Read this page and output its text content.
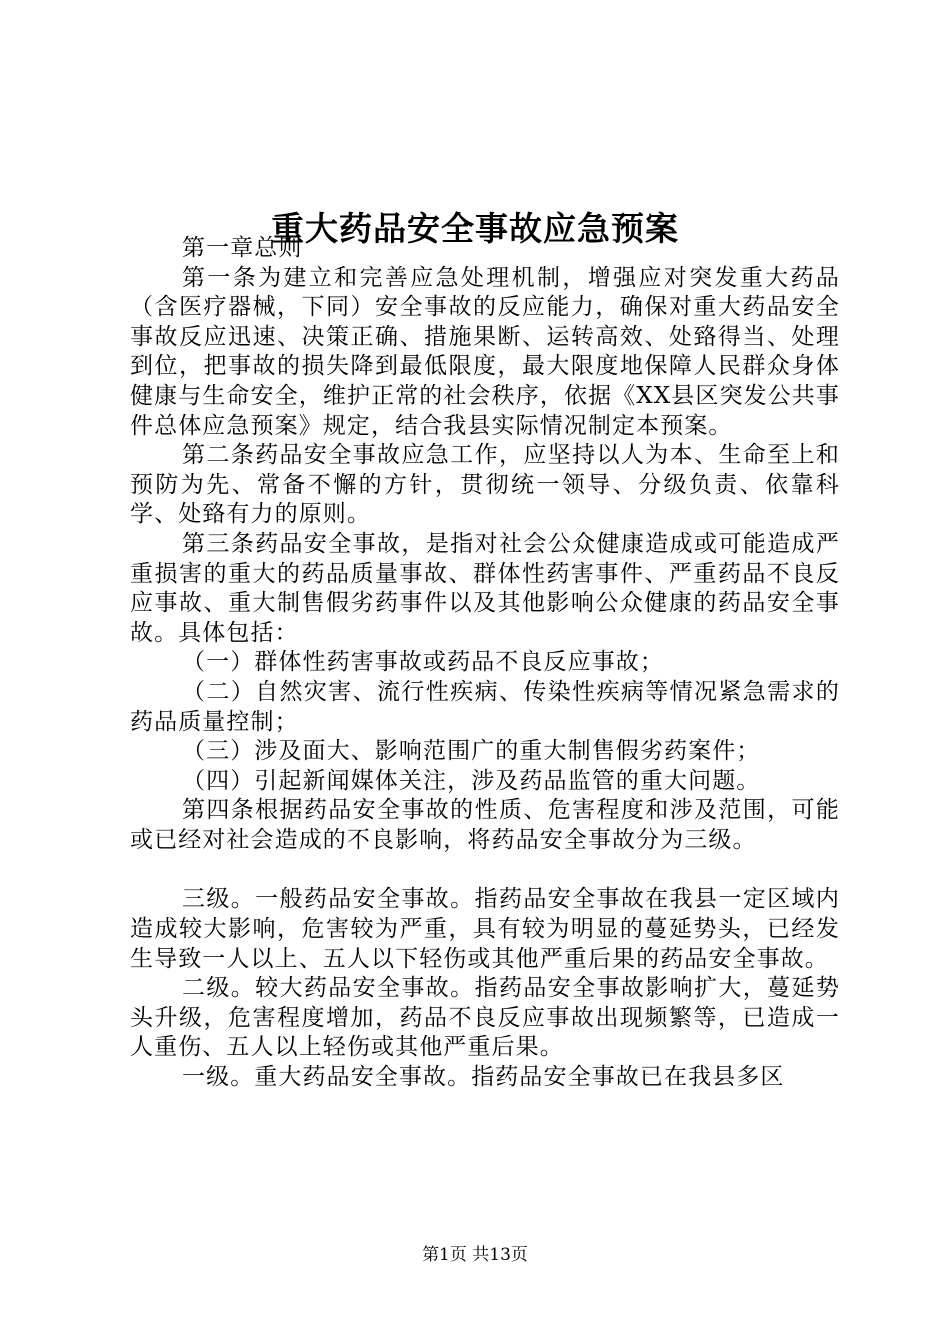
重大药品安全事故应急预案

第一章总则

第一条为建立和完善应急处理机制，增强应对突发重大药品（含医疗器械，下同）安全事故的反应能力，确保对重大药品安全事故反应迅速、决策正确、措施果断、运转高效、处臵得当、处理到位，把事故的损失降到最低限度，最大限度地保障人民群众身体健康与生命安全，维护正常的社会秩序，依据《XX县区突发公共事件总体应急预案》规定，结合我县实际情况制定本预案。

第二条药品安全事故应急工作，应坚持以人为本、生命至上和预防为先、常备不懈的方针，贯彻统一领导、分级负责、依靠科学、处臵有力的原则。

第三条药品安全事故，是指对社会公众健康造成或可能造成严重损害的重大的药品质量事故、群体性药害事件、严重药品不良反应事故、重大制售假劣药事件以及其他影响公众健康的药品安全事故。具体包括：

（一）群体性药害事故或药品不良反应事故；

（二）自然灾害、流行性疾病、传染性疾病等情况紧急需求的药品质量控制；

（三）涉及面大、影响范围广的重大制售假劣药案件；

（四）引起新闻媒体关注，涉及药品监管的重大问题。

第四条根据药品安全事故的性质、危害程度和涉及范围，可能或已经对社会造成的不良影响，将药品安全事故分为三级。

三级。一般药品安全事故。指药品安全事故在我县一定区域内造成较大影响，危害较为严重，具有较为明显的蔓延势头，已经发生导致一人以上、五人以下轻伤或其他严重后果的药品安全事故。

二级。较大药品安全事故。指药品安全事故影响扩大，蔓延势头升级，危害程度增加，药品不良反应事故出现频繁等，已造成一人重伤、五人以上轻伤或其他严重后果。

一级。重大药品安全事故。指药品安全事故已在我县多区

第1页 共13页
